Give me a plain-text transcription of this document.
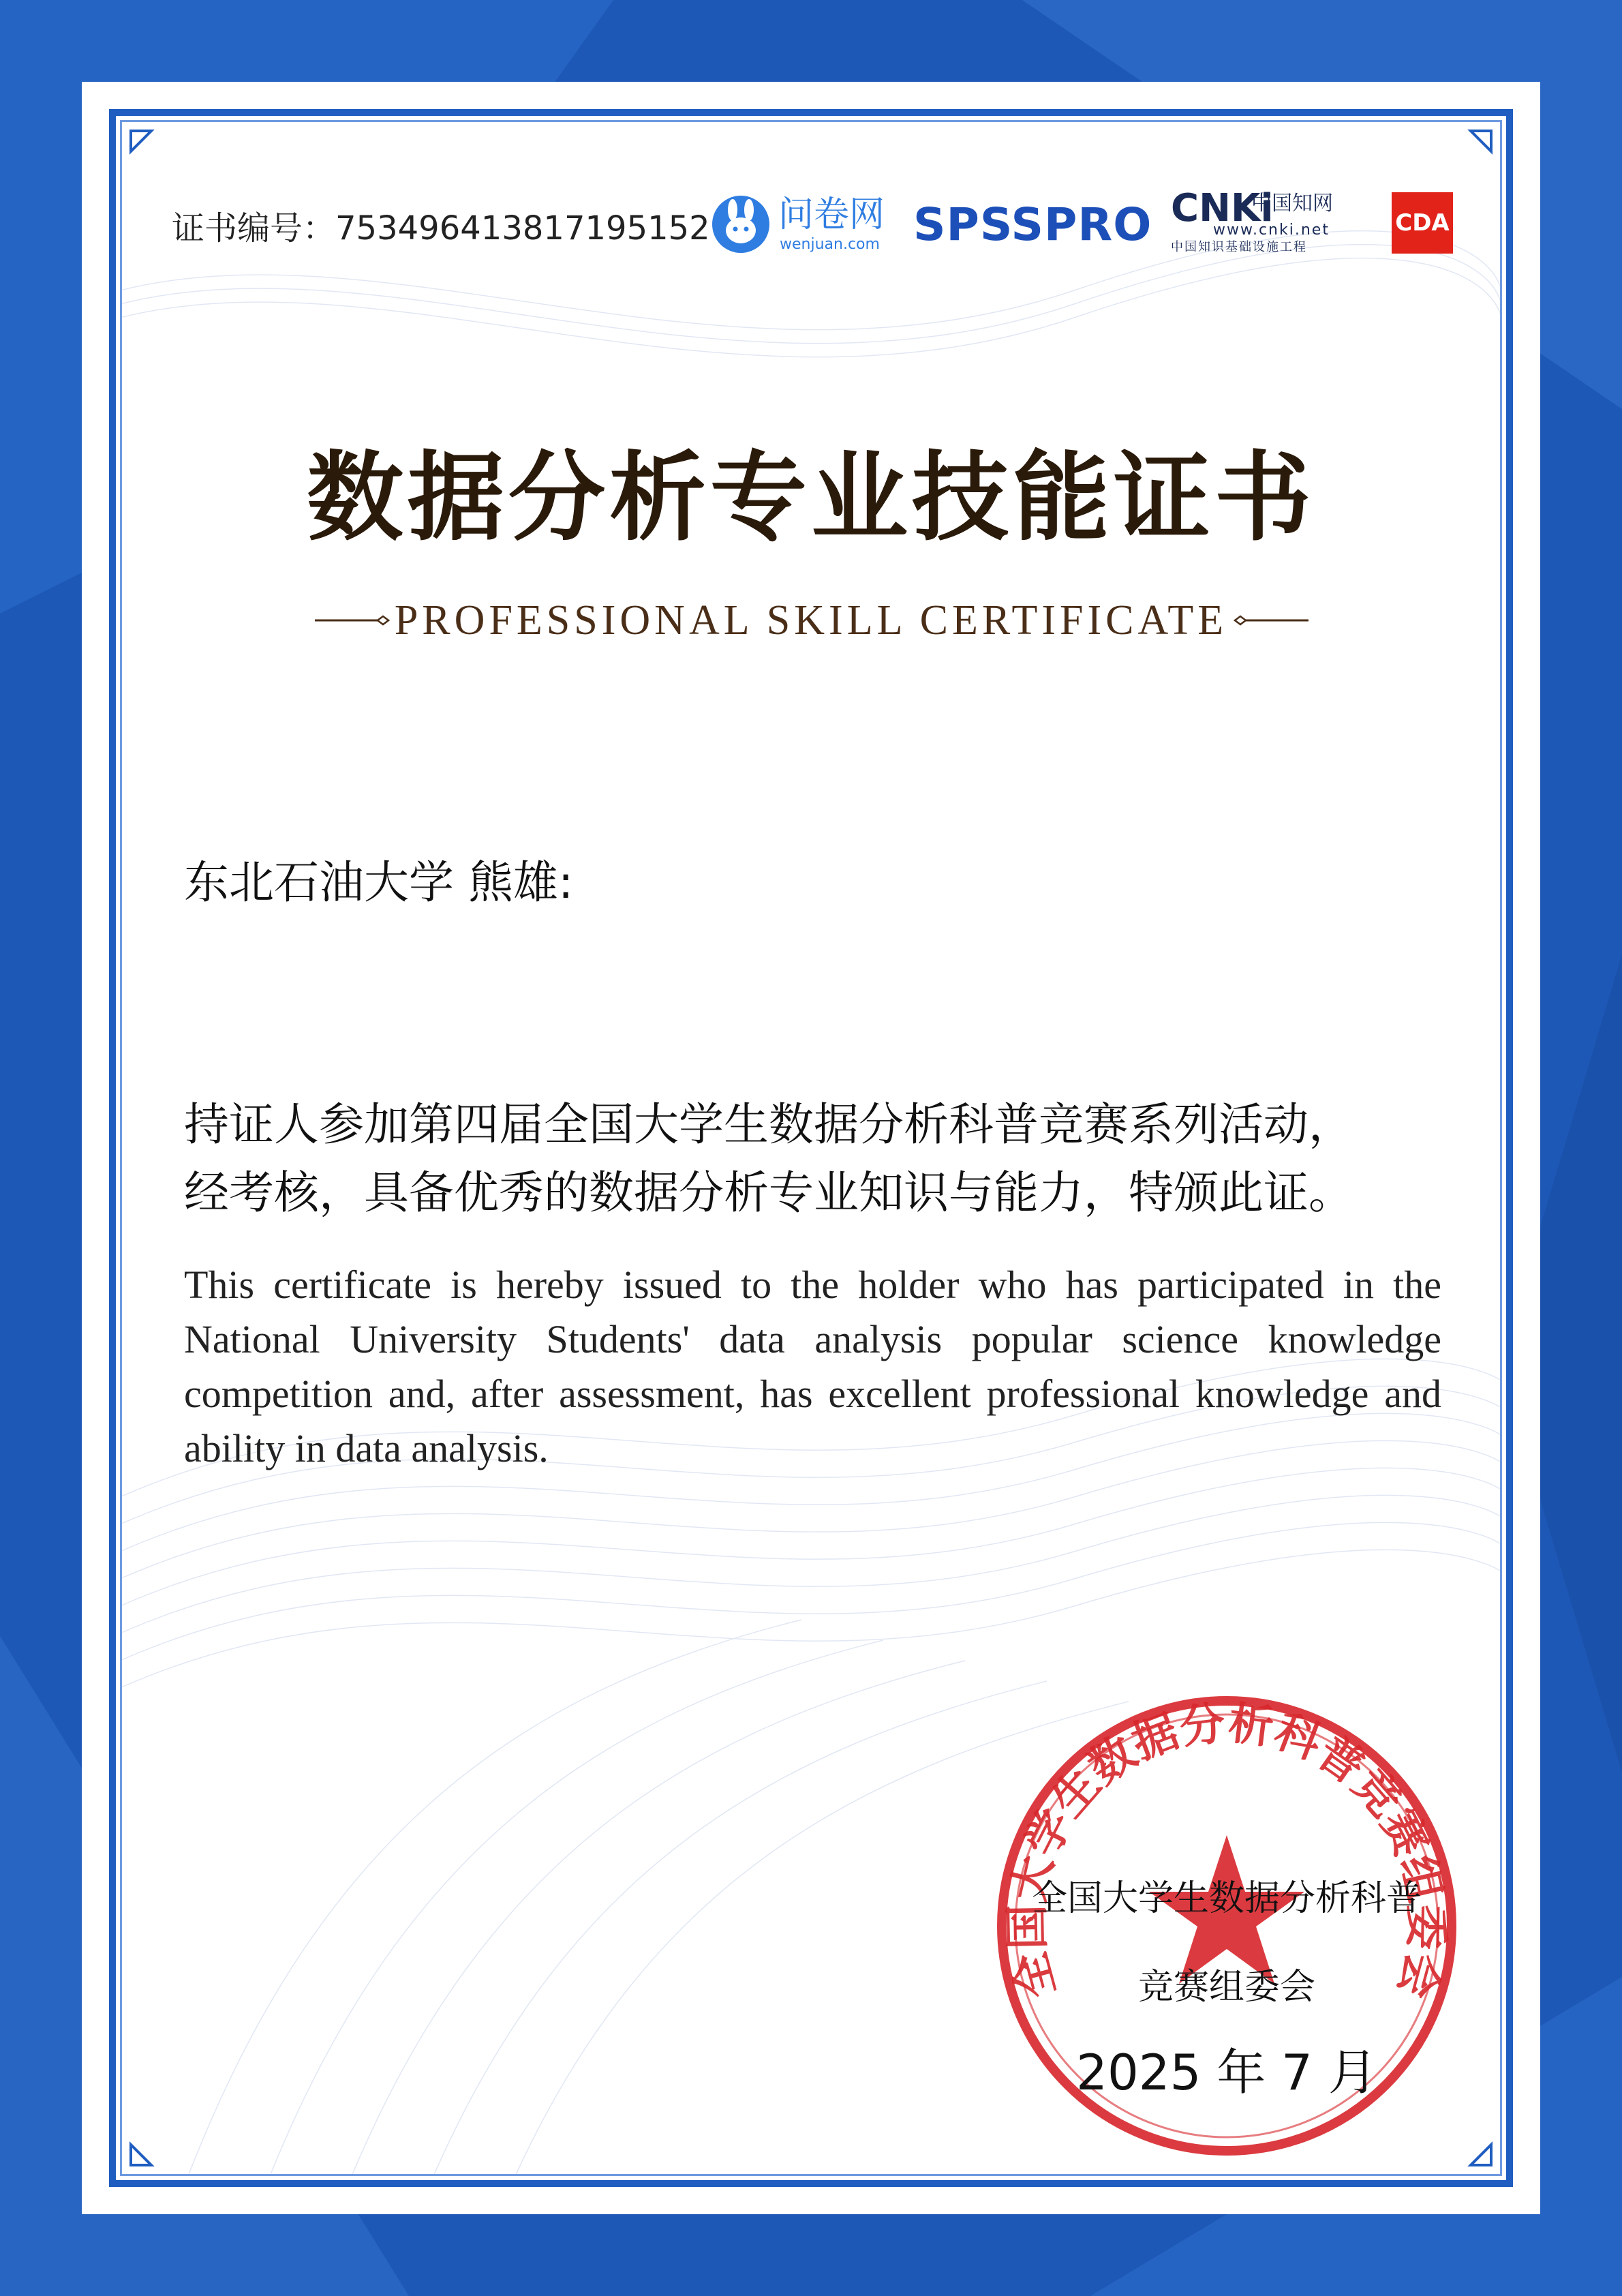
证书编号：753496413817195152 问卷网
wenjuan.com SPSSPRO CNKi
中国知网
www.cnki.net
中国知识基础设施工程
CDA
数据分析专业技能证书
PROFESSIONAL SKILL CERTIFICATE
东北石油大学 熊雄:
持证人参加第四届全国大学生数据分析科普竞赛系列活动，
经考核，具备优秀的数据分析专业知识与能力，特颁此证。
This certificate is hereby issued to the holder who has participated in the National University Students' data analysis popular science knowledge competition and, after assessment, has excellent professional knowledge and ability in data analysis.
全国大学生数据分析科普竞赛组委会
全国大学生数据分析科普
竞赛组委会
2025 年 7 月
